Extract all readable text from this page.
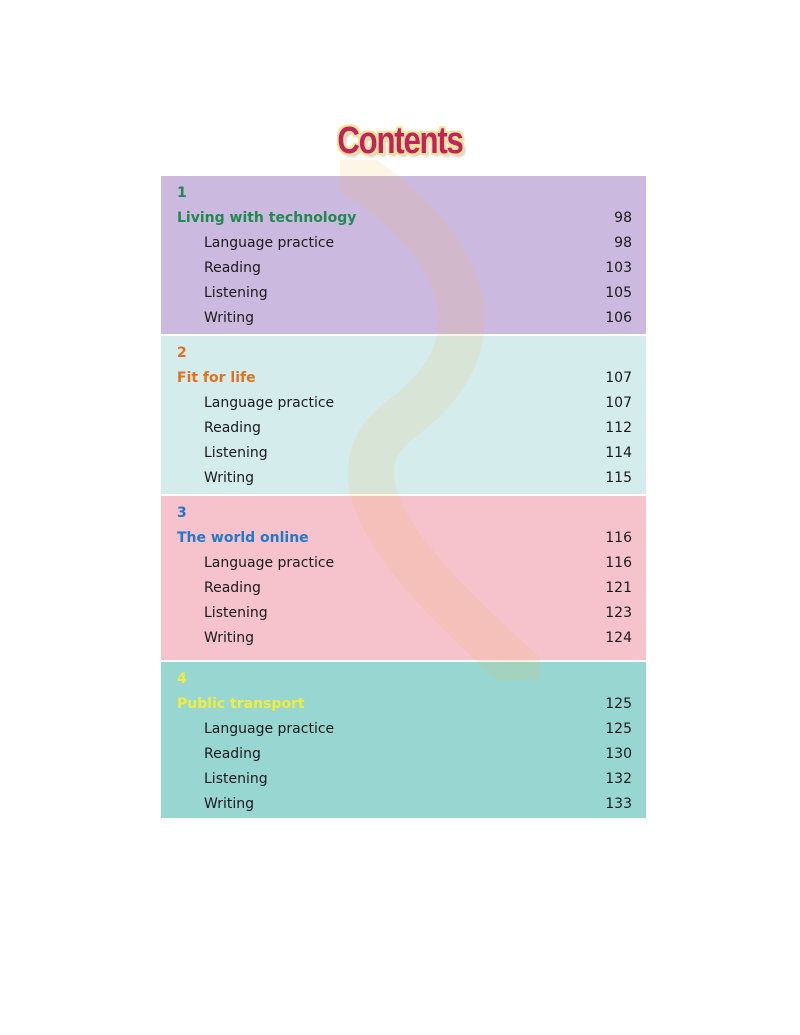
Contents
1
Living with technology	98
Language practice	98
Reading	103
Listening	105
Writing	106
2
Fit for life	107
Language practice	107
Reading	112
Listening	114
Writing	115
3
The world online	116
Language practice	116
Reading	121
Listening	123
Writing	124
4
Public transport	125
Language practice	125
Reading	130
Listening	132
Writing	133
